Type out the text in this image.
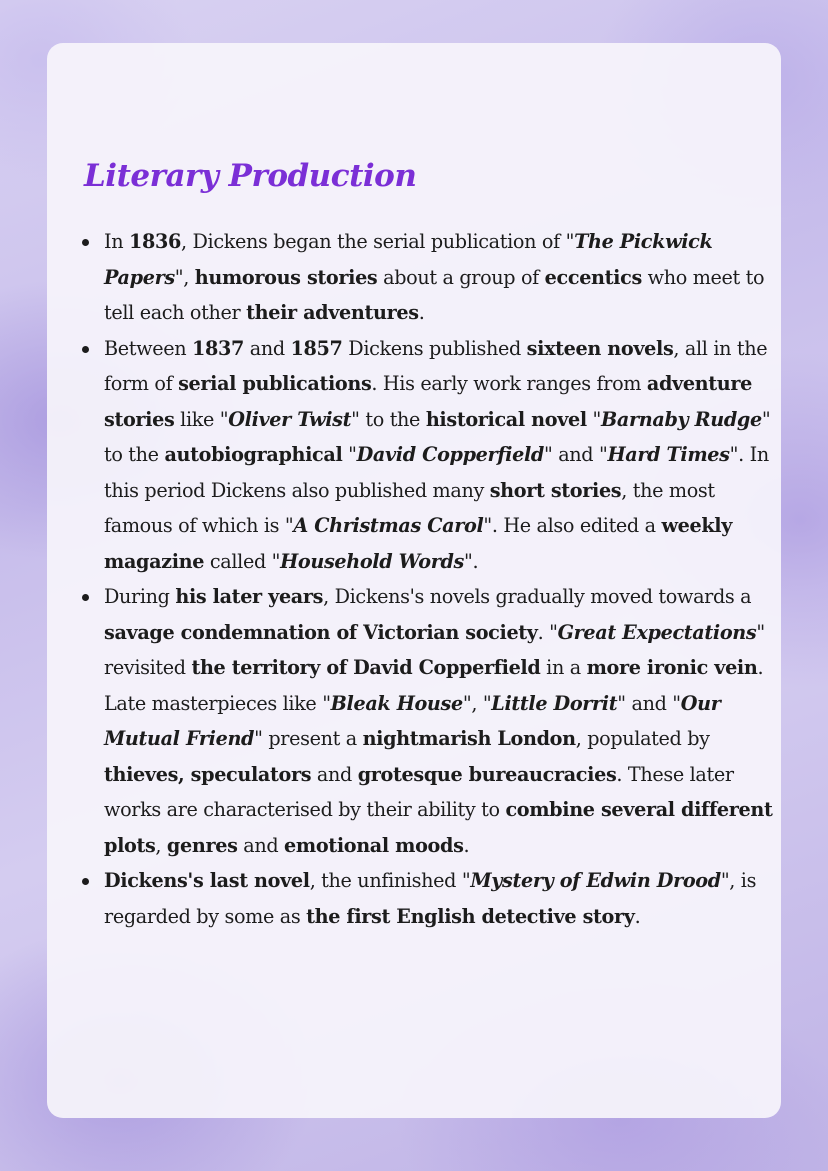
Literary Production
In 1836, Dickens began the serial publication of "The Pickwick Papers", humorous stories about a group of eccentics who meet to tell each other their adventures.
Between 1837 and 1857 Dickens published sixteen novels, all in the form of serial publications. His early work ranges from adventure stories like "Oliver Twist" to the historical novel "Barnaby Rudge" to the autobiographical "David Copperfield" and "Hard Times". In this period Dickens also published many short stories, the most famous of which is "A Christmas Carol". He also edited a weekly magazine called "Household Words".
During his later years, Dickens's novels gradually moved towards a savage condemnation of Victorian society. "Great Expectations" revisited the territory of David Copperfield in a more ironic vein. Late masterpieces like "Bleak House", "Little Dorrit" and "Our Mutual Friend" present a nightmarish London, populated by thieves, speculators and grotesque bureaucracies. These later works are characterised by their ability to combine several different plots, genres and emotional moods.
Dickens's last novel, the unfinished "Mystery of Edwin Drood", is regarded by some as the first English detective story.
